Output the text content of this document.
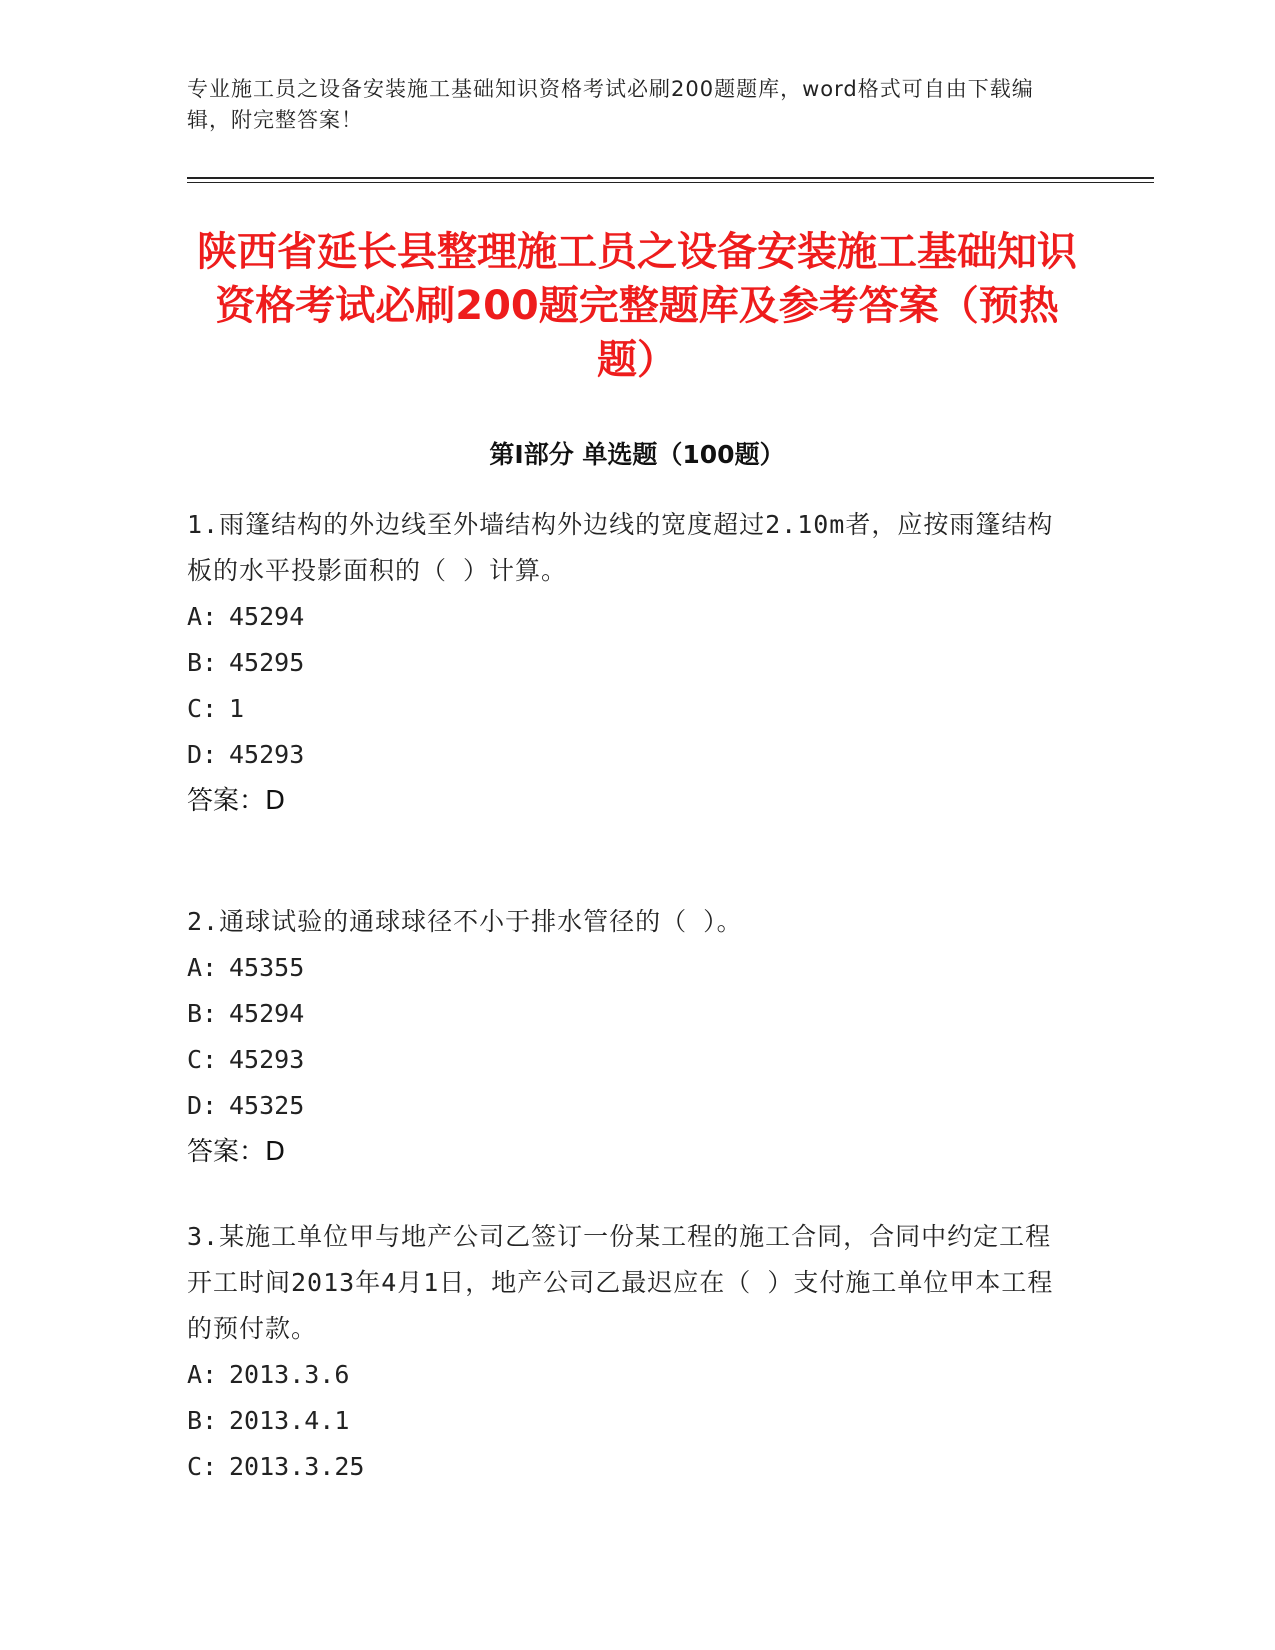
专业施工员之设备安装施工基础知识资格考试必刷200题题库，word格式可自由下载编辑，附完整答案！
陕西省延长县整理施工员之设备安装施工基础知识资格考试必刷200题完整题库及参考答案（预热题）
第Ⅰ部分 单选题（100题）
1.雨篷结构的外边线至外墙结构外边线的宽度超过2.10m者，应按雨篷结构板的水平投影面积的（ ）计算。
A: 45294
B: 45295
C: 1
D: 45293
答案：D
2.通球试验的通球球径不小于排水管径的（ ）。
A: 45355
B: 45294
C: 45293
D: 45325
答案：D
3.某施工单位甲与地产公司乙签订一份某工程的施工合同，合同中约定工程开工时间2013年4月1日，地产公司乙最迟应在（ ）支付施工单位甲本工程的预付款。
A: 2013.3.6
B: 2013.4.1
C: 2013.3.25
